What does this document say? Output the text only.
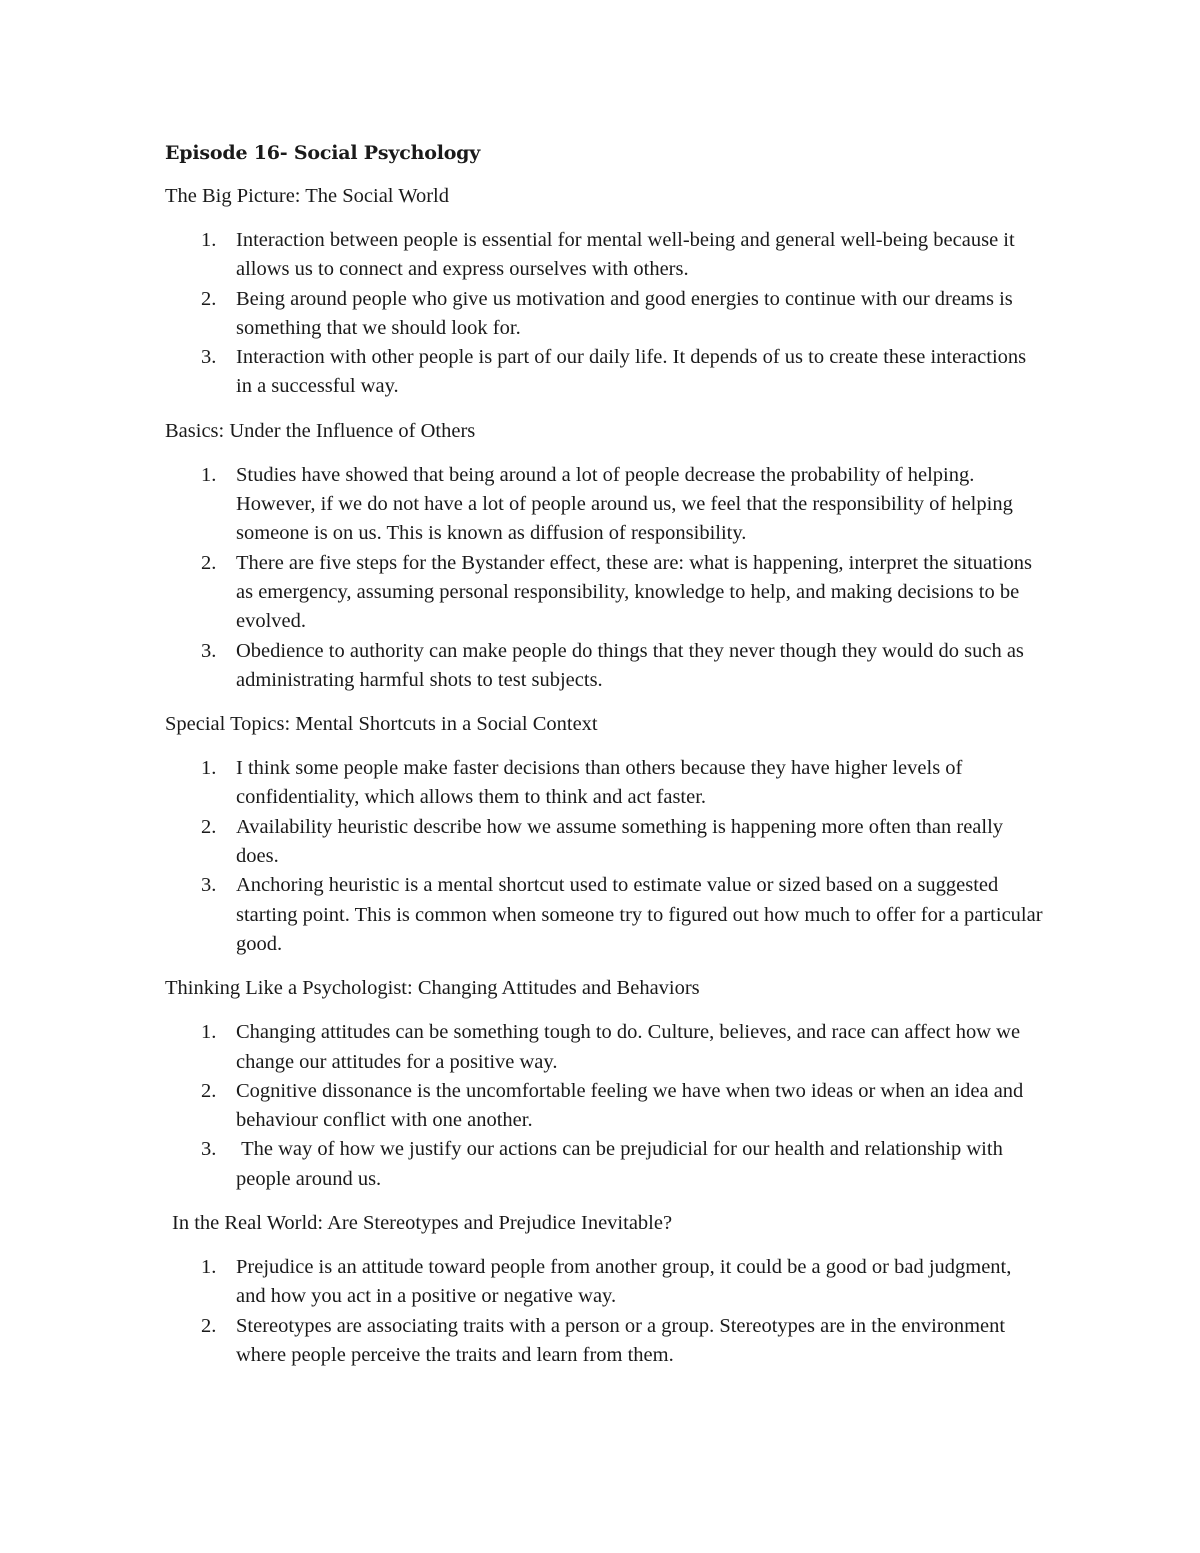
Episode 16- Social Psychology
The Big Picture: The Social World
1. Interaction between people is essential for mental well-being and general well-being because it allows us to connect and express ourselves with others.
2. Being around people who give us motivation and good energies to continue with our dreams is something that we should look for.
3. Interaction with other people is part of our daily life. It depends of us to create these interactions in a successful way.
Basics: Under the Influence of Others
1. Studies have showed that being around a lot of people decrease the probability of helping. However, if we do not have a lot of people around us, we feel that the responsibility of helping someone is on us. This is known as diffusion of responsibility.
2. There are five steps for the Bystander effect, these are: what is happening, interpret the situations as emergency, assuming personal responsibility, knowledge to help, and making decisions to be evolved.
3. Obedience to authority can make people do things that they never though they would do such as administrating harmful shots to test subjects.
Special Topics: Mental Shortcuts in a Social Context
1. I think some people make faster decisions than others because they have higher levels of confidentiality, which allows them to think and act faster.
2. Availability heuristic describe how we assume something is happening more often than really does.
3. Anchoring heuristic is a mental shortcut used to estimate value or sized based on a suggested starting point. This is common when someone try to figured out how much to offer for a particular good.
Thinking Like a Psychologist: Changing Attitudes and Behaviors
1. Changing attitudes can be something tough to do. Culture, believes, and race can affect how we change our attitudes for a positive way.
2. Cognitive dissonance is the uncomfortable feeling we have when two ideas or when an idea and behaviour conflict with one another.
3. The way of how we justify our actions can be prejudicial for our health and relationship with people around us.
In the Real World: Are Stereotypes and Prejudice Inevitable?
1. Prejudice is an attitude toward people from another group, it could be a good or bad judgment, and how you act in a positive or negative way.
2. Stereotypes are associating traits with a person or a group. Stereotypes are in the environment where people perceive the traits and learn from them.
